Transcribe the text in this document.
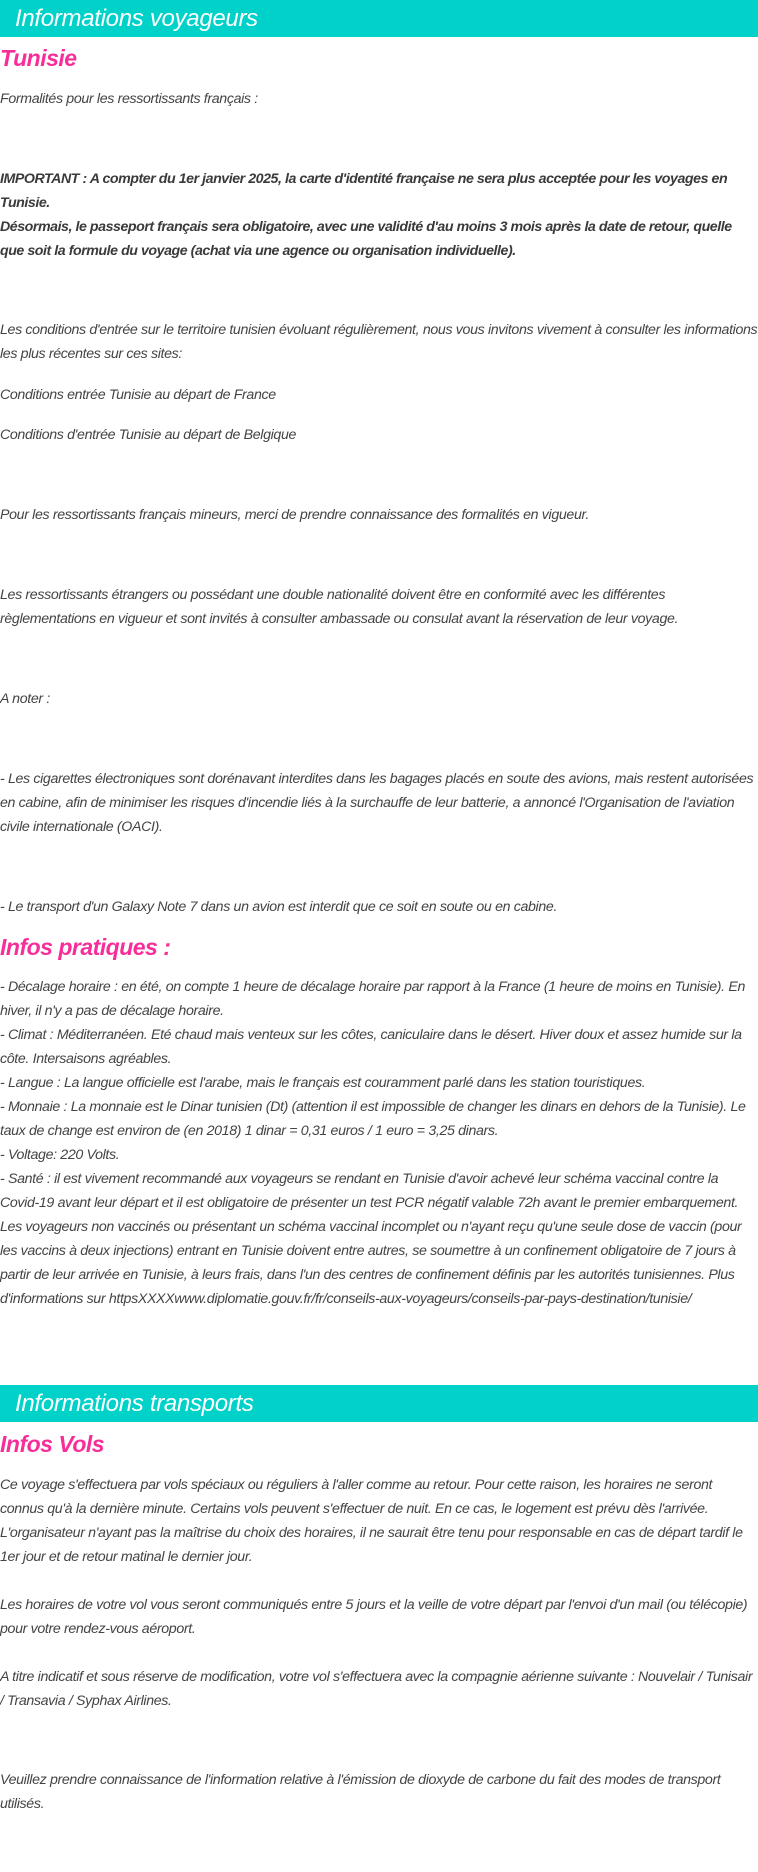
Informations voyageurs
Tunisie

Formalités pour les ressortissants français :

IMPORTANT : A compter du 1er janvier 2025, la carte d'identité française ne sera plus acceptée pour les voyages en Tunisie.

Désormais, le passeport français sera obligatoire, avec une validité d'au moins 3 mois après la date de retour, quelle que soit la formule du voyage (achat via une agence ou organisation individuelle).

Les conditions d'entrée sur le territoire tunisien évoluant régulièrement, nous vous invitons vivement à consulter les informations les plus récentes sur ces sites:

Conditions entrée Tunisie au départ de France

Conditions d'entrée Tunisie au départ de Belgique

Pour les ressortissants français mineurs, merci de prendre connaissance des formalités en vigueur.

Les ressortissants étrangers ou possédant une double nationalité doivent être en conformité avec les différentes règlementations en vigueur et sont invités à consulter ambassade ou consulat avant la réservation de leur voyage.

A noter :

- Les cigarettes électroniques sont dorénavant interdites dans les bagages placés en soute des avions, mais restent autorisées en cabine, afin de minimiser les risques d'incendie liés à la surchauffe de leur batterie, a annoncé l'Organisation de l'aviation civile internationale (OACI).

- Le transport d'un Galaxy Note 7 dans un avion est interdit que ce soit en soute ou en cabine.

Infos pratiques :
- Décalage horaire : en été, on compte 1 heure de décalage horaire par rapport à la France (1 heure de moins en Tunisie). En hiver, il n'y a pas de décalage horaire.
- Climat : Méditerranéen. Eté chaud mais venteux sur les côtes, caniculaire dans le désert. Hiver doux et assez humide sur la côte. Intersaisons agréables.
- Langue : La langue officielle est l'arabe, mais le français est couramment parlé dans les station touristiques.
- Monnaie : La monnaie est le Dinar tunisien (Dt) (attention il est impossible de changer les dinars en dehors de la Tunisie). Le taux de change est environ de (en 2018) 1 dinar = 0,31 euros / 1 euro = 3,25 dinars.
- Voltage: 220 Volts.
- Santé : il est vivement recommandé aux voyageurs se rendant en Tunisie d'avoir achevé leur schéma vaccinal contre la Covid-19 avant leur départ et il est obligatoire de présenter un test PCR négatif valable 72h avant le premier embarquement. Les voyageurs non vaccinés ou présentant un schéma vaccinal incomplet ou n'ayant reçu qu'une seule dose de vaccin (pour les vaccins à deux injections) entrant en Tunisie doivent entre autres, se soumettre à un confinement obligatoire de 7 jours à partir de leur arrivée en Tunisie, à leurs frais, dans l'un des centres de confinement définis par les autorités tunisiennes. Plus d'informations sur httpsXXXXwww.diplomatie.gouv.fr/fr/conseils-aux-voyageurs/conseils-par-pays-destination/tunisie/
Informations transports
Infos Vols

Ce voyage s'effectuera par vols spéciaux ou réguliers à l'aller comme au retour. Pour cette raison, les horaires ne seront connus qu'à la dernière minute. Certains vols peuvent s'effectuer de nuit. En ce cas, le logement est prévu dès l'arrivée. L'organisateur n'ayant pas la maîtrise du choix des horaires, il ne saurait être tenu pour responsable en cas de départ tardif le 1er jour et de retour matinal le dernier jour.

Les horaires de votre vol vous seront communiqués entre 5 jours et la veille de votre départ par l'envoi d'un mail (ou télécopie) pour votre rendez-vous aéroport.

A titre indicatif et sous réserve de modification, votre vol s'effectuera avec la compagnie aérienne suivante : Nouvelair / Tunisair / Transavia / Syphax Airlines.

Veuillez prendre connaissance de l'information relative à l'émission de dioxyde de carbone du fait des modes de transport utilisés.
